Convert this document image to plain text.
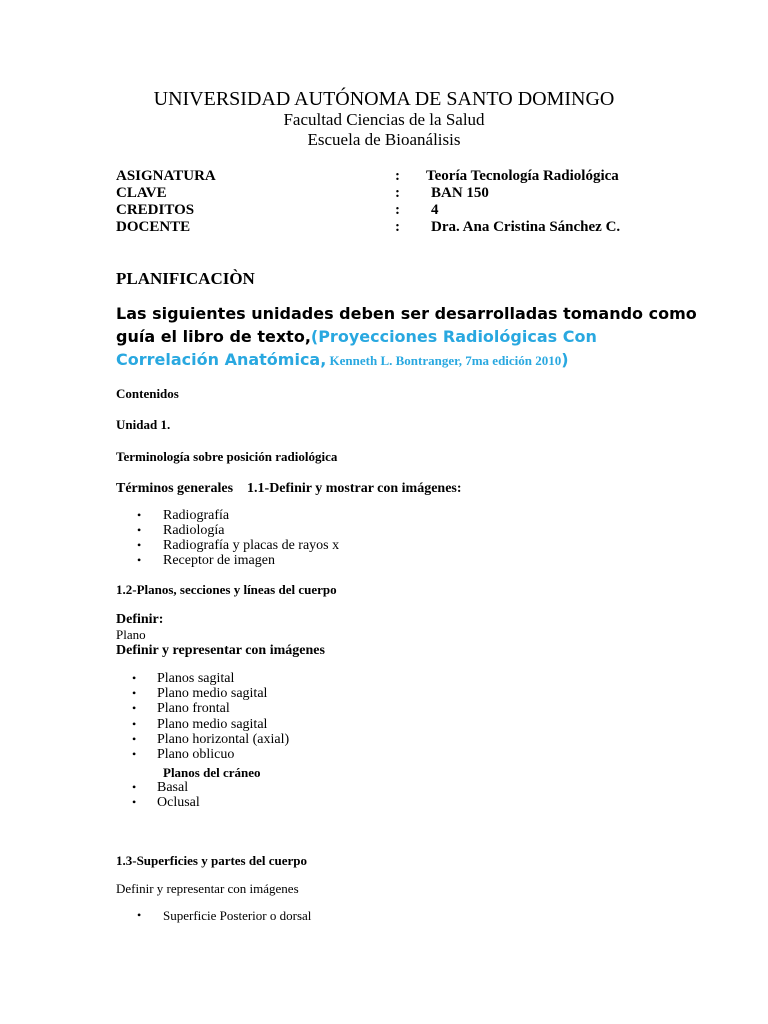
UNIVERSIDAD AUTÓNOMA DE SANTO DOMINGO
Facultad Ciencias de la Salud
Escuela de Bioanálisis
ASIGNATURA	: Teoría Tecnología Radiológica
CLAVE	: BAN 150
CREDITOS	: 4
DOCENTE	: Dra. Ana Cristina Sánchez C.
PLANIFICACIÒN
Las siguientes unidades deben ser desarrolladas tomando como
guía el libro de texto,(Proyecciones Radiológicas Con
Correlación Anatómica, Kenneth L. Bontranger, 7ma edición 2010)
Contenidos
Unidad 1.
Terminología sobre posición radiológica
Términos generales    1.1-Definir y mostrar con imágenes:
• Radiografía
• Radiología
• Radiografía y placas de rayos x
• Receptor de imagen
1.2-Planos, secciones y líneas del cuerpo
Definir:
Plano
Definir y representar con imágenes
• Planos sagital
• Plano medio sagital
• Plano frontal
• Plano medio sagital
• Plano horizontal (axial)
• Plano oblicuo
Planos del cráneo
• Basal
• Oclusal
1.3-Superficies y partes del cuerpo
Definir y representar con imágenes
• Superficie Posterior o dorsal
